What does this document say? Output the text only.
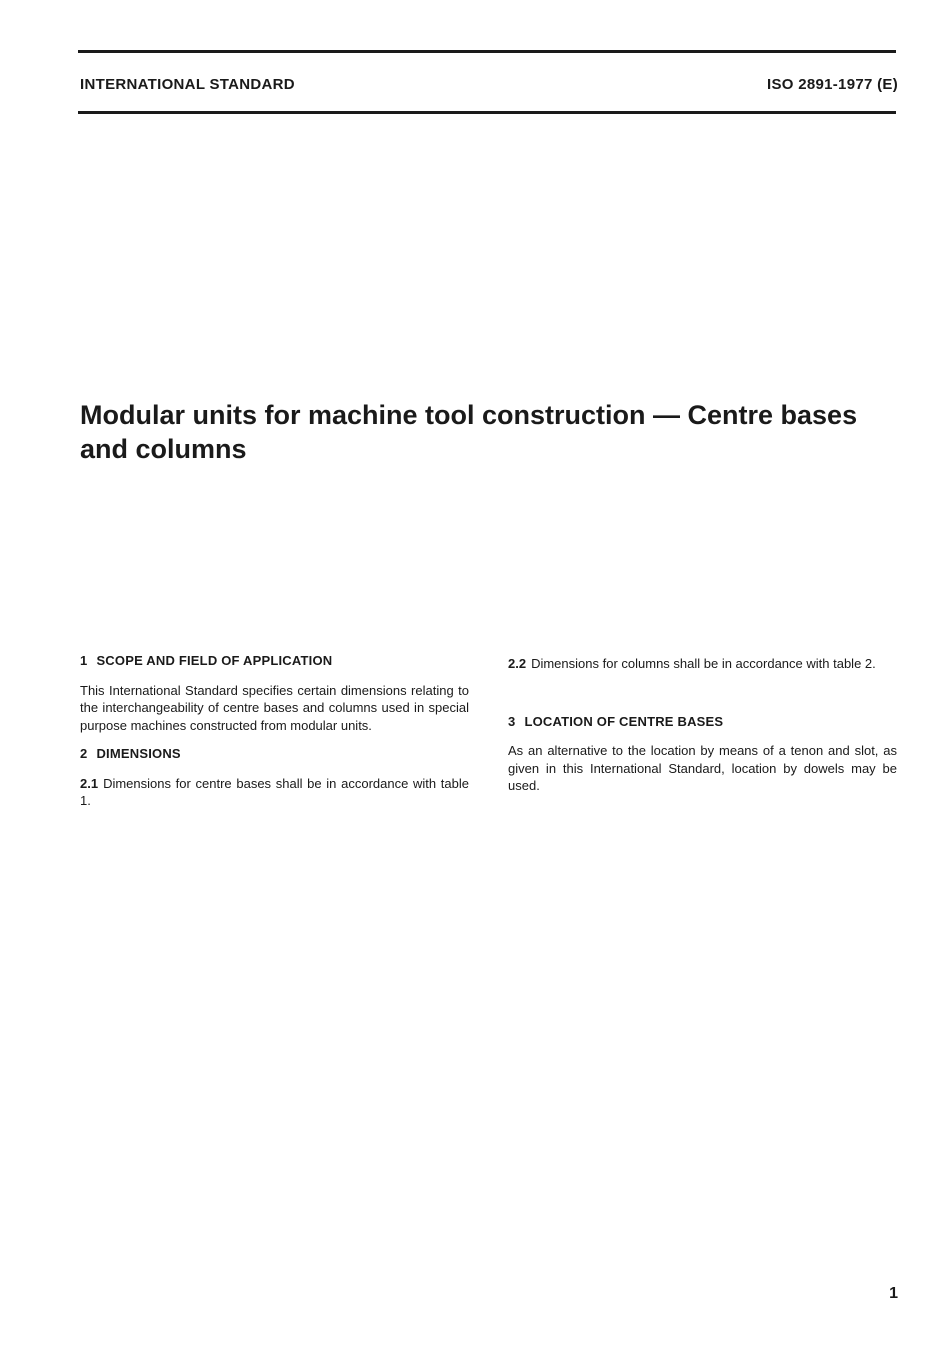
INTERNATIONAL STANDARD	ISO 2891-1977 (E)
Modular units for machine tool construction — Centre bases
and columns
1 SCOPE AND FIELD OF APPLICATION

This International Standard specifies certain dimensions relating to the interchangeability of centre bases and columns used in special purpose machines constructed from modular units.

2 DIMENSIONS

2.1 Dimensions for centre bases shall be in accordance with table 1.

2.2 Dimensions for columns shall be in accordance with table 2.

3 LOCATION OF CENTRE BASES

As an alternative to the location by means of a tenon and slot, as given in this International Standard, location by dowels may be used.

1
